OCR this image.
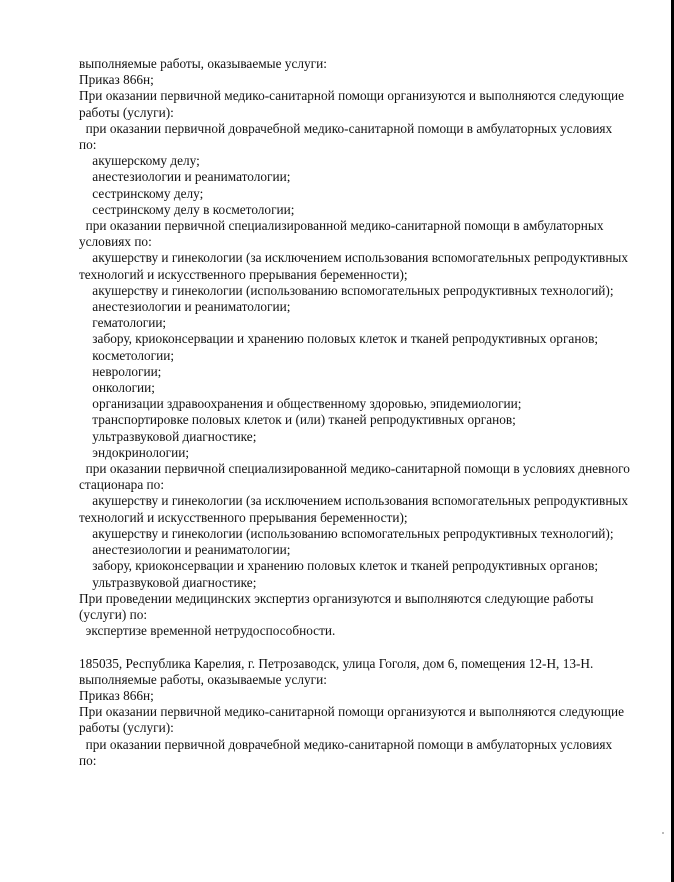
выполняемые работы, оказываемые услуги:
Приказ 866н;
При оказании первичной медико-санитарной помощи организуются и выполняются следующие
работы (услуги):
при оказании первичной доврачебной медико-санитарной помощи в амбулаторных условиях
по:
акушерскому делу;
анестезиологии и реаниматологии;
сестринскому делу;
сестринскому делу в косметологии;
при оказании первичной специализированной медико-санитарной помощи в амбулаторных
условиях по:
акушерству и гинекологии (за исключением использования вспомогательных репродуктивных
технологий и искусственного прерывания беременности);
акушерству и гинекологии (использованию вспомогательных репродуктивных технологий);
анестезиологии и реаниматологии;
гематологии;
забору, криоконсервации и хранению половых клеток и тканей репродуктивных органов;
косметологии;
неврологии;
онкологии;
организации здравоохранения и общественному здоровью, эпидемиологии;
транспортировке половых клеток и (или) тканей репродуктивных органов;
ультразвуковой диагностике;
эндокринологии;
при оказании первичной специализированной медико-санитарной помощи в условиях дневного
стационара по:
акушерству и гинекологии (за исключением использования вспомогательных репродуктивных
технологий и искусственного прерывания беременности);
акушерству и гинекологии (использованию вспомогательных репродуктивных технологий);
анестезиологии и реаниматологии;
забору, криоконсервации и хранению половых клеток и тканей репродуктивных органов;
ультразвуковой диагностике;
При проведении медицинских экспертиз организуются и выполняются следующие работы
(услуги) по:
экспертизе временной нетрудоспособности.
185035, Республика Карелия, г. Петрозаводск, улица Гоголя, дом 6, помещения 12-Н, 13-Н.
выполняемые работы, оказываемые услуги:
Приказ 866н;
При оказании первичной медико-санитарной помощи организуются и выполняются следующие
работы (услуги):
при оказании первичной доврачебной медико-санитарной помощи в амбулаторных условиях
по:
